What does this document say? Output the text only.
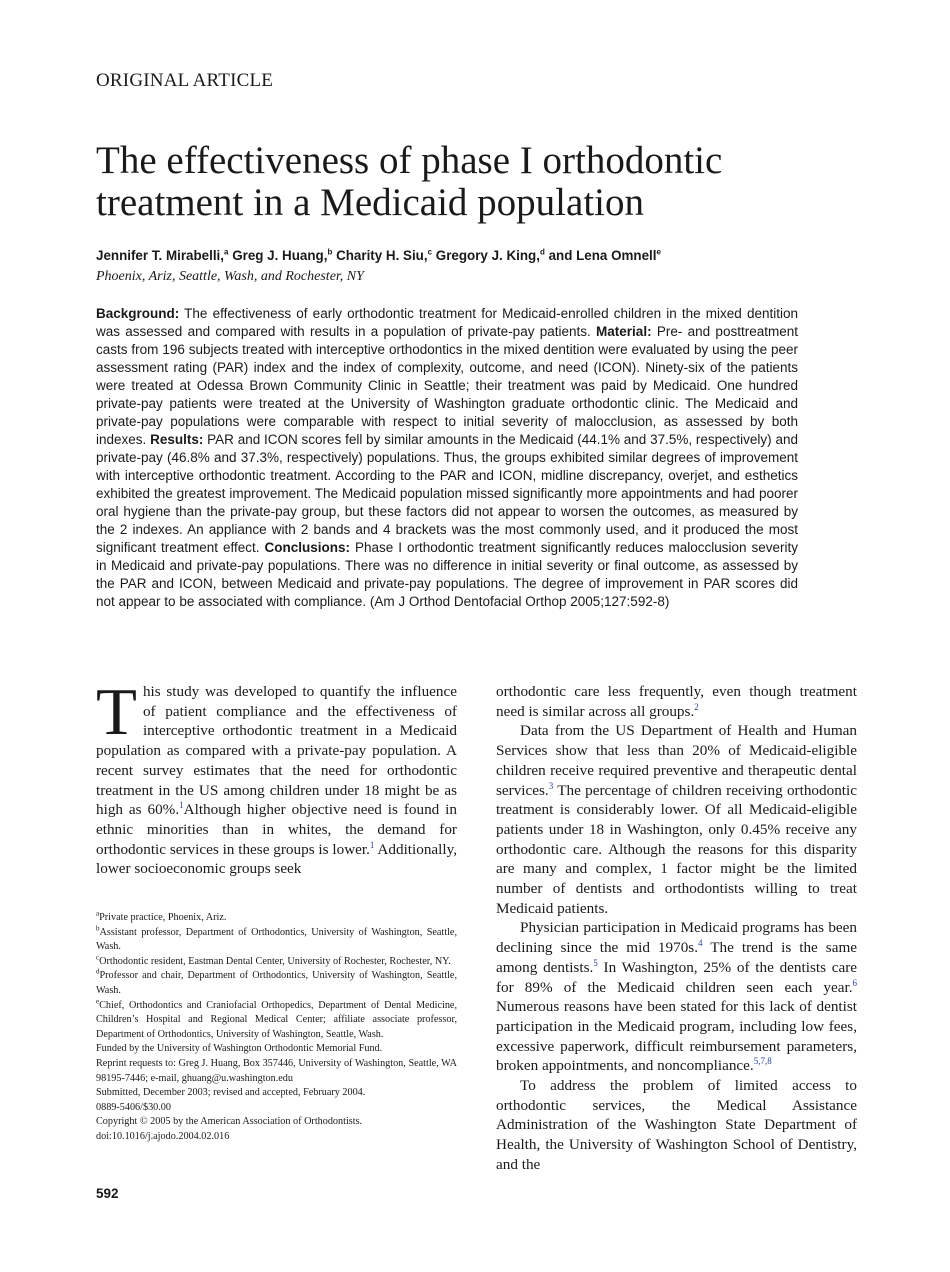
ORIGINAL ARTICLE
The effectiveness of phase I orthodontic treatment in a Medicaid population
Jennifer T. Mirabelli,$^a$ Greg J. Huang,$^b$ Charity H. Siu,$^c$ Gregory J. King,$^d$ and Lena Omnell$^e$
Phoenix, Ariz, Seattle, Wash, and Rochester, NY

Background: The effectiveness of early orthodontic treatment for Medicaid-enrolled children in the mixed dentition was assessed and compared with results in a population of private-pay patients. Material: Pre- and posttreatment casts from 196 subjects treated with interceptive orthodontics in the mixed dentition were evaluated by using the peer assessment rating (PAR) index and the index of complexity, outcome, and need (ICON). Ninety-six of the patients were treated at Odessa Brown Community Clinic in Seattle; their treatment was paid by Medicaid. One hundred private-pay patients were treated at the University of Washington graduate orthodontic clinic. The Medicaid and private-pay populations were comparable with respect to initial severity of malocclusion, as assessed by both indexes. Results: PAR and ICON scores fell by similar amounts in the Medicaid (44.1% and 37.5%, respectively) and private-pay (46.8% and 37.3%, respectively) populations. Thus, the groups exhibited similar degrees of improvement with interceptive orthodontic treatment. According to the PAR and ICON, midline discrepancy, overjet, and esthetics exhibited the greatest improvement. The Medicaid population missed significantly more appointments and had poorer oral hygiene than the private-pay group, but these factors did not appear to worsen the outcomes, as measured by the 2 indexes. An appliance with 2 bands and 4 brackets was the most commonly used, and it produced the most significant treatment effect. Conclusions: Phase I orthodontic treatment significantly reduces malocclusion severity in Medicaid and private-pay populations. There was no difference in initial severity or final outcome, as assessed by the PAR and ICON, between Medicaid and private-pay populations. The degree of improvement in PAR scores did not appear to be associated with compliance. (Am J Orthod Dentofacial Orthop 2005;127:592-8)

This study was developed to quantify the influence of patient compliance and the effectiveness of interceptive orthodontic treatment in a Medicaid population as compared with a private-pay population. A recent survey estimates that the need for orthodontic treatment in the US among children under 18 might be as high as 60%.$^1$Although higher objective need is found in ethnic minorities than in whites, the demand for orthodontic services in these groups is lower.$^1$ Additionally, lower socioeconomic groups seek

$^a$Private practice, Phoenix, Ariz.

$^b$Assistant professor, Department of Orthodontics, University of Washington, Seattle, Wash.

$^c$Orthodontic resident, Eastman Dental Center, University of Rochester, Rochester, NY.

$^d$Professor and chair, Department of Orthodontics, University of Washington, Seattle, Wash.

$^e$Chief, Orthodontics and Craniofacial Orthopedics, Department of Dental Medicine, Children’s Hospital and Regional Medical Center; affiliate associate professor, Department of Orthodontics, University of Washington, Seattle, Wash.

Funded by the University of Washington Orthodontic Memorial Fund.

Reprint requests to: Greg J. Huang, Box 357446, University of Washington, Seattle, WA 98195-7446; e-mail, ghuang@u.washington.edu

Submitted, December 2003; revised and accepted, February 2004.

0889-5406/$30.00

Copyright © 2005 by the American Association of Orthodontists.

doi:10.1016/j.ajodo.2004.02.016

orthodontic care less frequently, even though treatment need is similar across all groups.$^2$

Data from the US Department of Health and Human Services show that less than 20% of Medicaid-eligible children receive required preventive and therapeutic dental services.$^3$ The percentage of children receiving orthodontic treatment is considerably lower. Of all Medicaid-eligible patients under 18 in Washington, only 0.45% receive any orthodontic care. Although the reasons for this disparity are many and complex, 1 factor might be the limited number of dentists and orthodontists willing to treat Medicaid patients.

Physician participation in Medicaid programs has been declining since the mid 1970s.$^4$ The trend is the same among dentists.$^5$ In Washington, 25% of the dentists care for 89% of the Medicaid children seen each year.$^6$ Numerous reasons have been stated for this lack of dentist participation in the Medicaid program, including low fees, excessive paperwork, difficult reimbursement parameters, broken appointments, and noncompliance.$^{5,7,8}$

To address the problem of limited access to orthodontic services, the Medical Assistance Administration of the Washington State Department of Health, the University of Washington School of Dentistry, and the

592
